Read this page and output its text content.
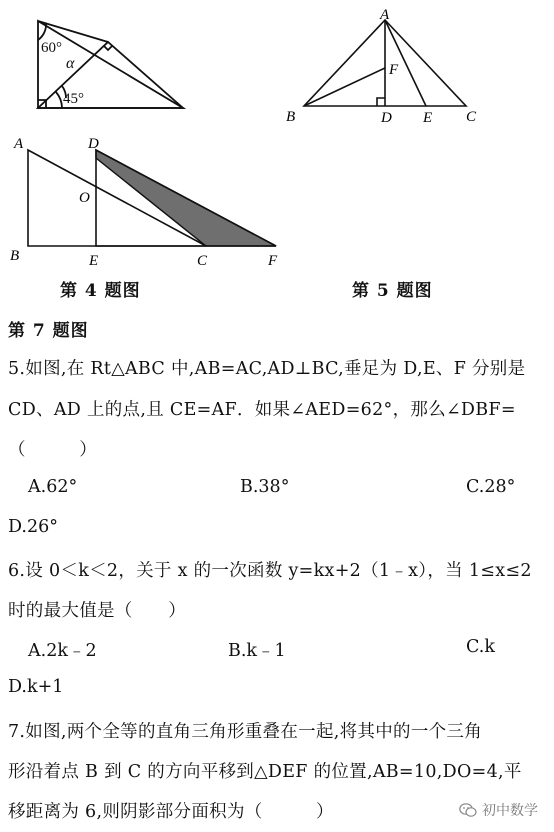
60°
α
45°
A
B	D E C
F
A	D
O
B	E	C	F
第 4 题图	第 5 题图
第 7 题图
5.如图,在 Rt△ABC 中,AB=AC,AD⊥BC,垂足为 D,E、F 分别是
CD、AD 上的点,且 CE=AF．如果∠AED=62°，那么∠DBF=
（　　　）
A.62°	B.38°	C.28°
D.26°
6.设 0＜k＜2，关于 x 的一次函数 y=kx+2（1﹣x），当 1≤x≤2
时的最大值是（　　）
A.2k﹣2	B.k﹣1	C.k
D.k+1
7.如图,两个全等的直角三角形重叠在一起,将其中的一个三角
形沿着点 B 到 C 的方向平移到△DEF 的位置,AB=10,DO=4,平
移距离为 6,则阴影部分面积为（　　　）	初中数学
